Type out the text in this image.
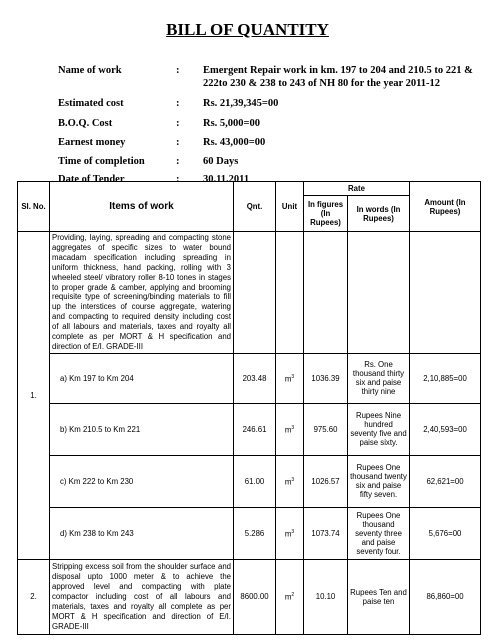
BILL OF QUANTITY
Name of work	: Emergent Repair work in km. 197 to 204 and 210.5 to 221 & 222to 230 & 238 to 243 of NH 80 for the year 2011-12
Estimated cost	: Rs. 21,39,345=00
B.O.Q. Cost	: Rs. 5,000=00
Earnest money	: Rs. 43,000=00
Time of completion	: 60 Days
Date of Tender	: 30.11.2011
Sl. No.	Items of work	Qnt.	Unit	Rate		Amount (In Rupees)
				In figures (In Rupees)	In words (In Rupees)	
1.	Providing, laying, spreading and compacting stone aggregates of specific sizes to water bound macadam specification including spreading in uniform thickness, hand packing, rolling with 3 wheeled steel/ vibratory roller 8-10 tones in stages to proper grade & camber, applying and brooming requisite type of screening/binding materials to fill up the interstices of course aggregate, watering and compacting to required density including cost of all labours and materials, taxes and royalty all complete as per MORT & H specification and direction of E/I. GRADE-III					
	a) Km 197 to Km 204	203.48	$m^3$	1036.39	Rs. One thousand thirty six and paise thirty nine	2,10,885=00
	b) Km 210.5 to Km 221	246.61	$m^3$	975.60	Rupees Nine hundred seventy five and paise sixty.	2,40,593=00
	c) Km 222 to Km 230	61.00	$m^3$	1026.57	Rupees One thousand twenty six and paise fifty seven.	62,621=00
	d) Km 238 to Km 243	5.286	$m^3$	1073.74	Rupees One thousand seventy three and paise seventy four.	5,676=00
2.	Stripping excess soil from the shoulder surface and disposal upto 1000 meter & to achieve the approved level and compacting with plate compactor including cost of all labours and materials, taxes and royalty all complete as per MORT & H specification and direction of E/I. GRADE-III	8600.00	$m^2$	10.10	Rupees Ten and paise ten	86,860=00
